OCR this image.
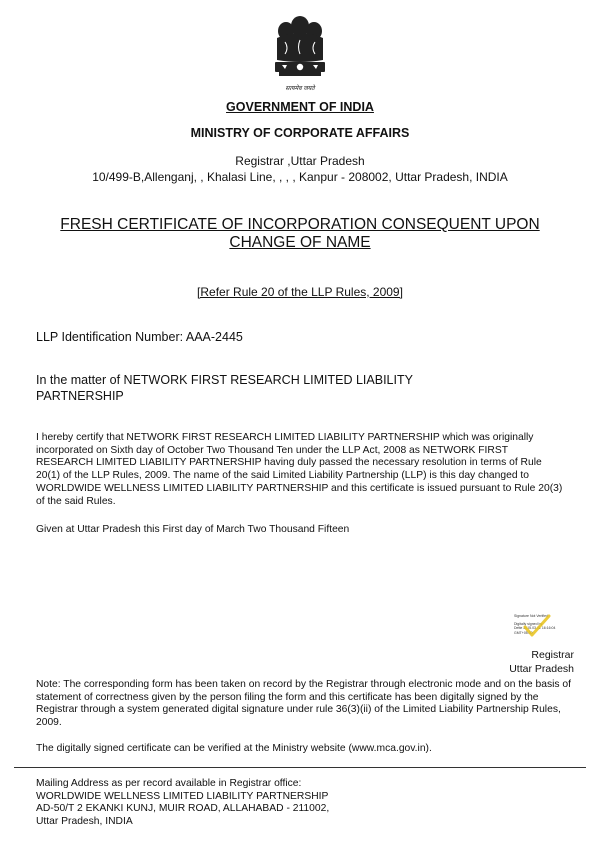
सत्यमेव जयते
GOVERNMENT OF INDIA
MINISTRY OF CORPORATE AFFAIRS
Registrar ,Uttar Pradesh
10/499-B,Allenganj, , Khalasi Line, , , , Kanpur - 208002, Uttar Pradesh, INDIA
FRESH CERTIFICATE OF INCORPORATION CONSEQUENT UPON
CHANGE OF NAME
[Refer Rule 20 of the LLP Rules, 2009]
LLP Identification Number: AAA-2445
In the matter of NETWORK FIRST RESEARCH LIMITED LIABILITY PARTNERSHIP
I hereby certify that NETWORK FIRST RESEARCH LIMITED LIABILITY PARTNERSHIP which was originally incorporated on Sixth day of October Two Thousand Ten under the LLP Act, 2008 as NETWORK FIRST RESEARCH LIMITED LIABILITY PARTNERSHIP having duly passed the necessary resolution in terms of Rule 20(1) of the LLP Rules, 2009. The name of the said Limited Liability Partnership (LLP) is this day changed to WORLDWIDE WELLNESS LIMITED LIABILITY PARTNERSHIP and this certificate is issued pursuant to Rule 20(3) of the said Rules.
Given at Uttar Pradesh this First day of March Two Thousand Fifteen
Signature Not Verified
Digitally signed by
Dette 2015.03.01 16:16:04
GMT+05:30
Registrar
Uttar Pradesh
Note: The corresponding form has been taken on record by the Registrar through electronic mode and on the basis of statement of correctness given by the person filing the form and this certificate has been digitally signed by the Registrar through a system generated digital signature under rule 36(3)(ii) of the Limited Liability Partnership Rules, 2009.
The digitally signed certificate can be verified at the Ministry website (www.mca.gov.in).
Mailing Address as per record available in Registrar office:
WORLDWIDE WELLNESS LIMITED LIABILITY PARTNERSHIP
AD-50/T 2 EKANKI KUNJ, MUIR ROAD, ALLAHABAD - 211002,
Uttar Pradesh, INDIA
